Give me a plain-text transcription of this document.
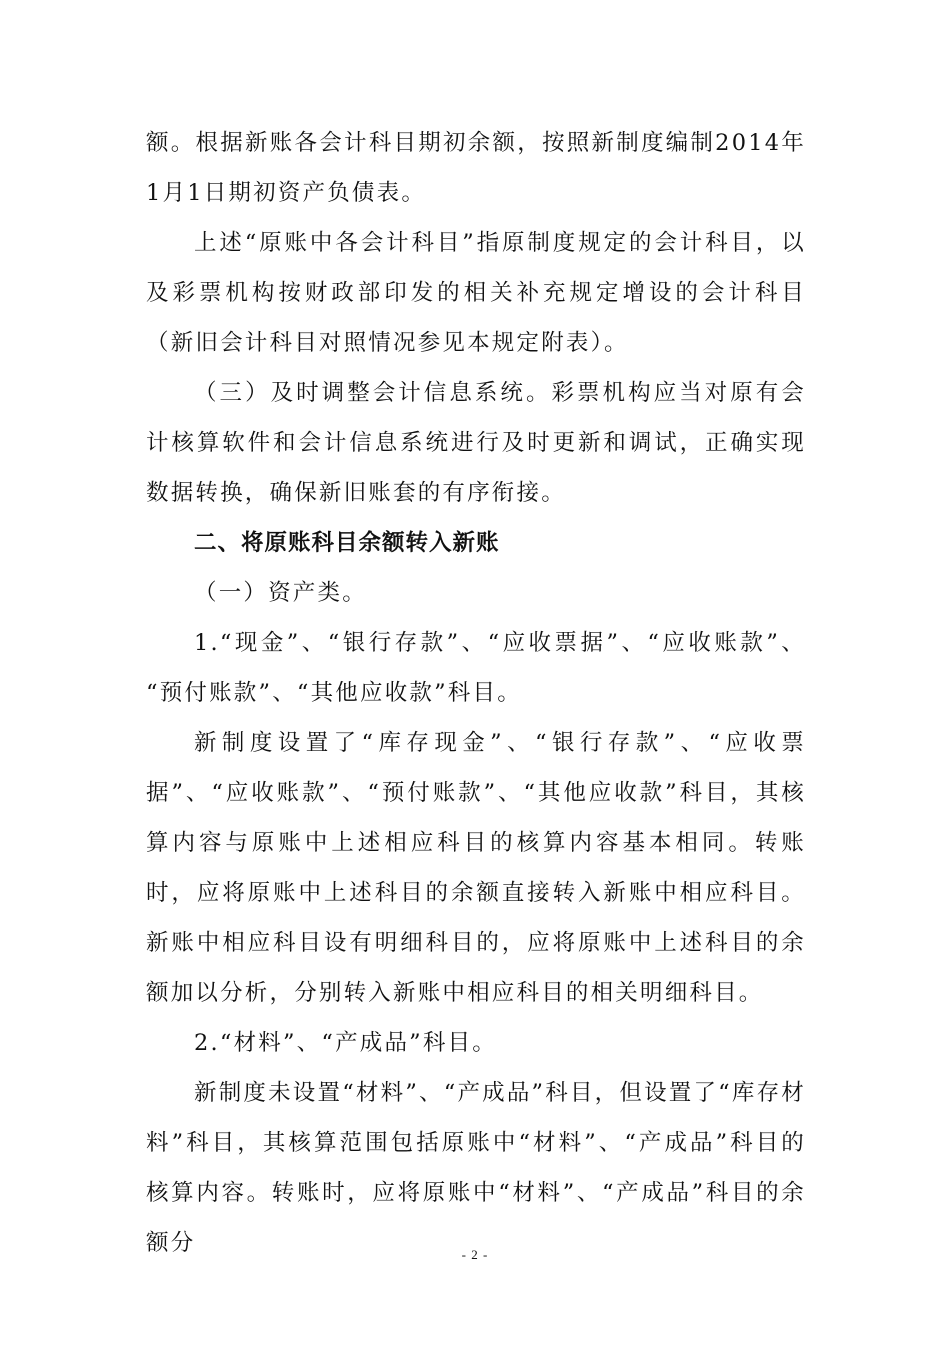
额。根据新账各会计科目期初余额，按照新制度编制2014年1月1日期初资产负债表。

上述“原账中各会计科目”指原制度规定的会计科目，以及彩票机构按财政部印发的相关补充规定增设的会计科目（新旧会计科目对照情况参见本规定附表）。

（三）及时调整会计信息系统。彩票机构应当对原有会计核算软件和会计信息系统进行及时更新和调试，正确实现数据转换，确保新旧账套的有序衔接。

二、将原账科目余额转入新账

（一）资产类。

1.“现金”、“银行存款”、“应收票据”、“应收账款”、 “预付账款”、“其他应收款”科目。

新制度设置了“库存现金”、“银行存款”、“应收票据”、“应收账款”、“预付账款”、“其他应收款”科目，其核算内容与原账中上述相应科目的核算内容基本相同。转账时，应将原账中上述科目的余额直接转入新账中相应科目。新账中相应科目设有明细科目的，应将原账中上述科目的余额加以分析，分别转入新账中相应科目的相关明细科目。

2.“材料”、“产成品”科目。

新制度未设置“材料”、“产成品”科目，但设置了“库存材料”科目，其核算范围包括原账中“材料”、“产成品”科目的核算内容。转账时，应将原账中“材料”、“产成品”科目的余额分	- 2 -
